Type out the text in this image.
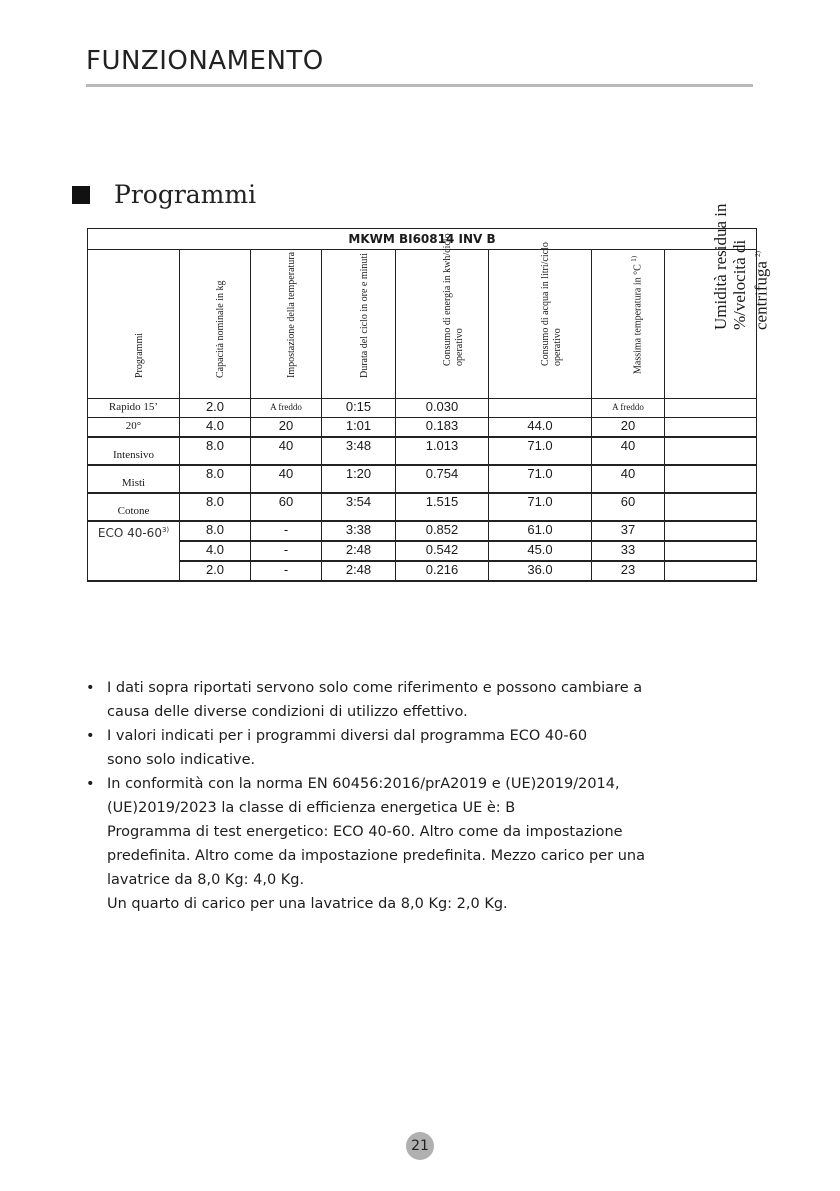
FUNZIONAMENTO
Programmi
MKWM BI60814 INV B							

Programmi	Capacità nominale in kg	Impostazione della temperatura	Durata del ciclo in ore e minuti	Consumo di energia in kwh/ciclo operativo	Consumo di acqua in litri/ciclo operativo	Massima temperatura in °C $^{1)}$	Umidità residua in %/velocità di centrifuga $^{2)}$

Rapido 15’	2.0	A freddo	0:15	0.030		A freddo	
20°	4.0	20	1:01	0.183	44.0	20	
Intensivo	8.0	40	3:48	1.013	71.0	40	
Misti	8.0	40	1:20	0.754	71.0	40	
Cotone	8.0	60	3:54	1.515	71.0	60	
ECO 40-60$^{3)}$	8.0	-	3:38	0.852	61.0	37	
	4.0	-	2:48	0.542	45.0	33	
	2.0	-	2:48	0.216	36.0	23	
• I dati sopra riportati servono solo come riferimento e possono cambiare a
causa delle diverse condizioni di utilizzo effettivo.
• I valori indicati per i programmi diversi dal programma ECO 40-60
sono solo indicative.
• In conformità con la norma EN 60456:2016/prA2019 e (UE)2019/2014,
(UE)2019/2023 la classe di efficienza energetica UE è: B
Programma di test energetico: ECO 40-60. Altro come da impostazione
predefinita. Altro come da impostazione predefinita. Mezzo carico per una
lavatrice da 8,0 Kg: 4,0 Kg.
Un quarto di carico per una lavatrice da 8,0 Kg: 2,0 Kg.
21
